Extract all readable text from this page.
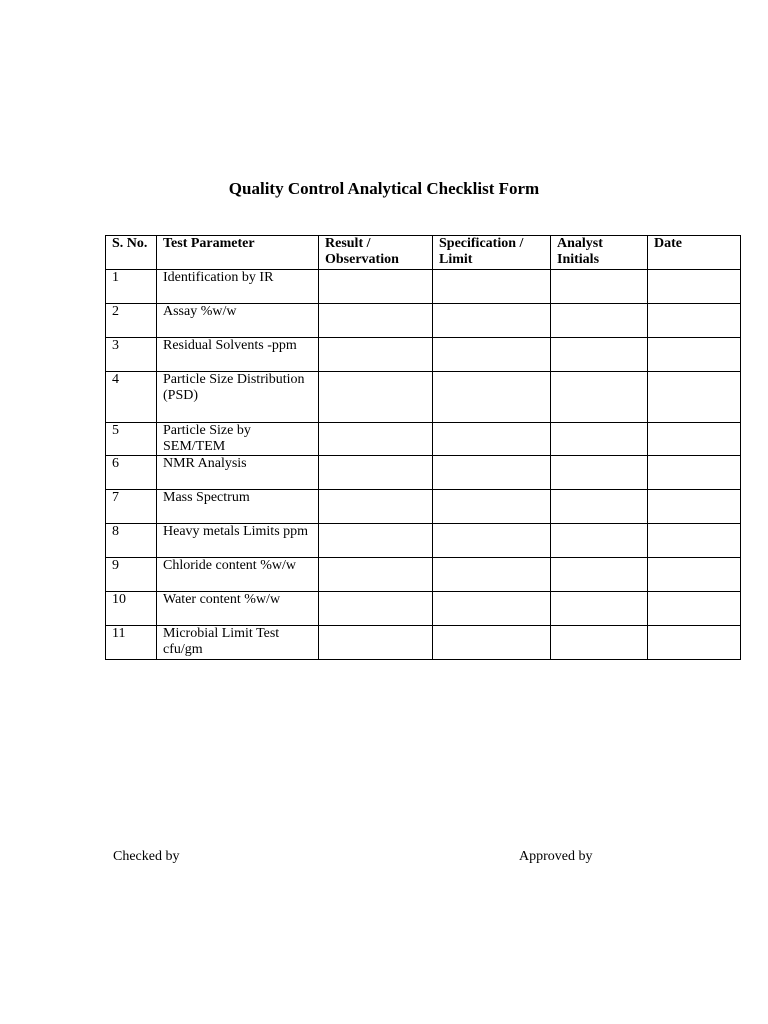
Quality Control Analytical Checklist Form
S. No.	Test Parameter	Result / Observation	Specification / Limit	Analyst Initials	Date
1	Identification by IR				
2	Assay %w/w				
3	Residual Solvents -ppm				
4	Particle Size Distribution (PSD)				
5	Particle Size by SEM/TEM				
6	NMR Analysis				
7	Mass Spectrum				
8	Heavy metals Limits ppm				
9	Chloride content %w/w				
10	Water content %w/w				
11	Microbial Limit Test cfu/gm				
Checked by	Approved by
